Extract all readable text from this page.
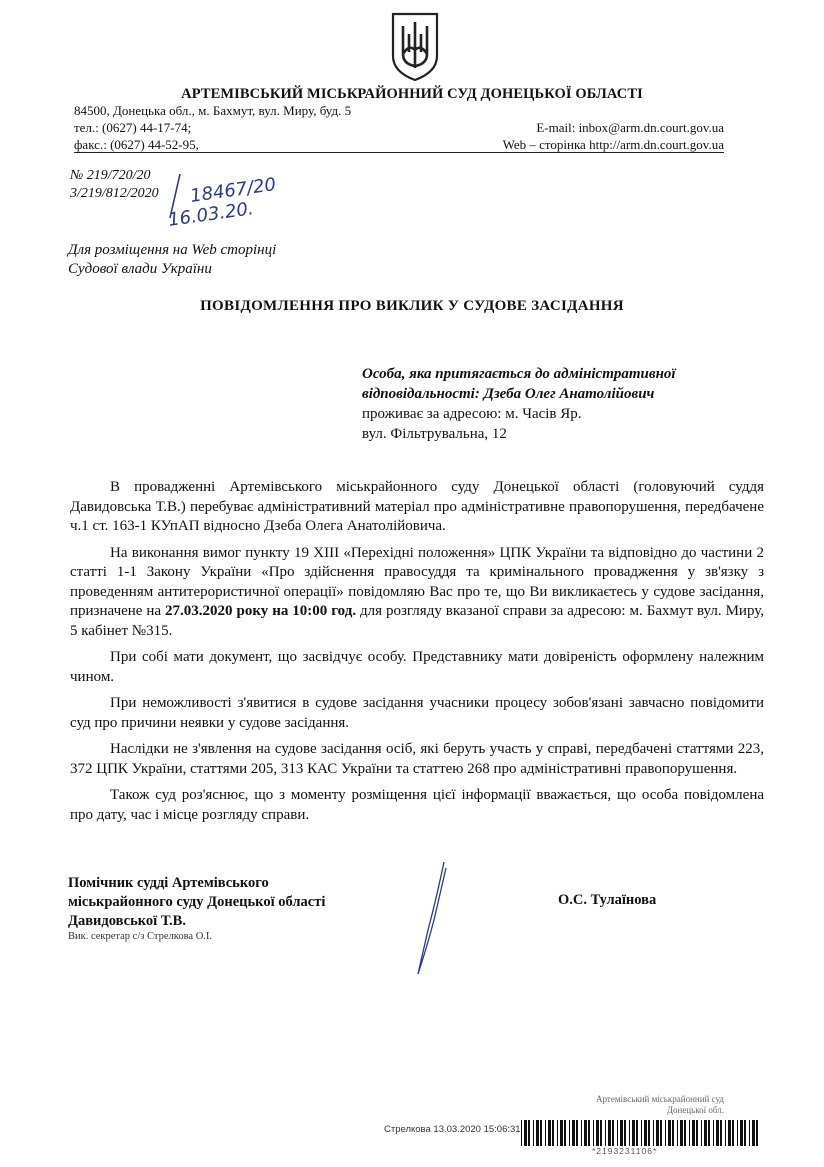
АРТЕМІВСЬКИЙ МІСЬКРАЙОННИЙ СУД ДОНЕЦЬКОЇ ОБЛАСТІ
84500, Донецька обл., м. Бахмут, вул. Миру, буд. 5
тел.: (0627) 44-17-74;
факс.: (0627) 44-52-95,
E-mail: inbox@arm.dn.court.gov.ua
Web – сторінка http://arm.dn.court.gov.ua
№ 219/720/20
3/219/812/2020 18467/20
16.03.20.
Для розміщення на Web сторінці
Судової влади України
ПОВІДОМЛЕННЯ ПРО ВИКЛИК У СУДОВЕ ЗАСІДАННЯ
Особа, яка притягається до адміністративної
відповідальності: Дзеба Олег Анатолійович
проживає за адресою: м. Часів Яр.
вул. Фільтрувальна, 12

В провадженні Артемівського міськрайонного суду Донецької області (головуючий суддя Давидовська Т.В.) перебуває адміністративний матеріал про адміністративне правопорушення, передбачене ч.1 ст. 163-1 КУпАП відносно Дзеба Олега Анатолійовича.

На виконання вимог пункту 19 XIII «Перехідні положення» ЦПК України та відповідно до частини 2 статті 1-1 Закону України «Про здійснення правосуддя та кримінального провадження у зв'язку з проведенням антитерористичної операції» повідомляю Вас про те, що Ви викликаєтесь у судове засідання, призначене на 27.03.2020 року на 10:00 год. для розгляду вказаної справи за адресою: м. Бахмут вул. Миру, 5 кабінет №315.

При собі мати документ, що засвідчує особу. Представнику мати довіреність оформлену належним чином.

При неможливості з'явитися в судове засідання учасники процесу зобов'язані завчасно повідомити суд про причини неявки у судове засідання.

Наслідки не з'явлення на судове засідання осіб, які беруть участь у справі, передбачені статтями 223, 372 ЦПК України, статтями 205, 313 КАС України та статтею 268 про адміністративні правопорушення.

Також суд роз'яснює, що з моменту розміщення цієї інформації вважається, що особа повідомлена про дату, час і місце розгляду справи.

Помічник судді Артемівського
міськрайонного суду Донецької області
Давидовської Т.В.
Вик. секретар с/з Стрелкова О.І.
О.С. Тулаїнова
Артемівський міськрайонний суд
Донецької обл.
Стрелкова 13.03.2020 15:06:31
*2193231106*
